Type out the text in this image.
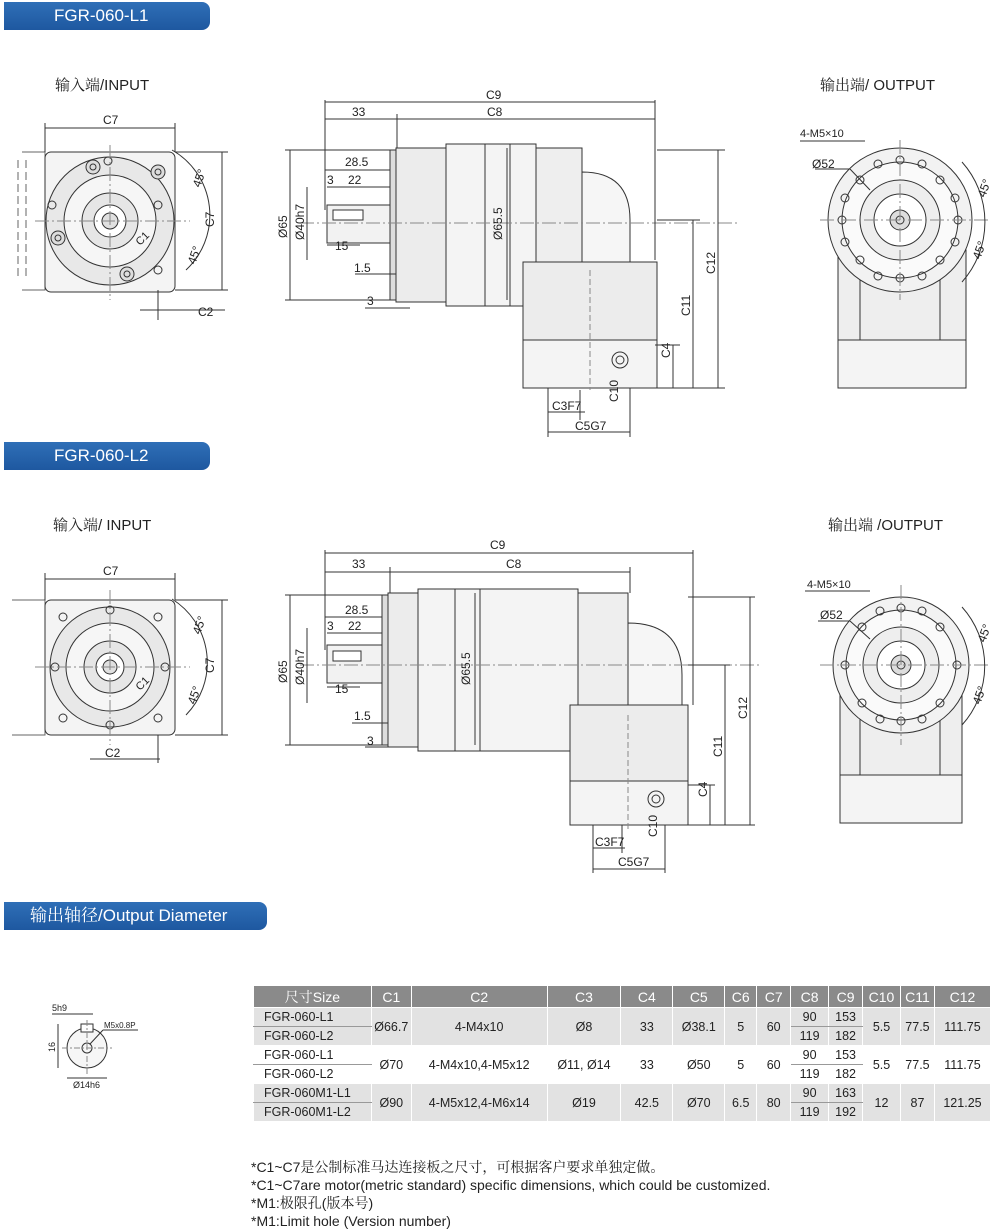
FGR-060-L1
FGR-060-L2
输出轴径/Output Diameter
输入端/INPUT	输出端/ OUTPUT
输入端/ INPUT	输出端 /OUTPUT
C7
C7
C2
45°
45°
C1
33
C9
C8
28.5
3 22
15
1.5
3
Ø65 Ø40h7	Ø65.5
C4
C11
C12
C10
C3F7
C5G7
4-M5×10
Ø52
45°
45°
C7
C7
C2
45°
45°
C1
33
C9
C8
28.5
3 22
15
1.5
3
Ø65 Ø40h7	Ø65.5
C4
C11
C12
C10
C3F7
C5G7
4-M5×10
Ø52
45°
45°
5h9
16
M5x0.8P
Ø14h6
尺寸Size	C1	C2	C3	C4	C5	C6	C7	C8	C9	C10	C11	C12
FGR-060-L1	Ø66.7	4-M4x10	Ø8	33	Ø38.1	5	60	90	153	5.5	77.5	111.75
FGR-060-L2								119	182			
FGR-060-L1	Ø70	4-M4x10,4-M5x12	Ø11, Ø14	33	Ø50	5	60	90	153	5.5	77.5	111.75
FGR-060-L2								119	182			
FGR-060M1-L1	Ø90	4-M5x12,4-M6x14	Ø19	42.5	Ø70	6.5	80	90	163	12	87	121.25
FGR-060M1-L2								119	192			
*C1~C7是公制标准马达连接板之尺寸，可根据客户要求单独定做。
*C1~C7are motor(metric standard) specific dimensions, which could be customized.
*M1:极限孔(版本号)
*M1:Limit hole (Version number)
